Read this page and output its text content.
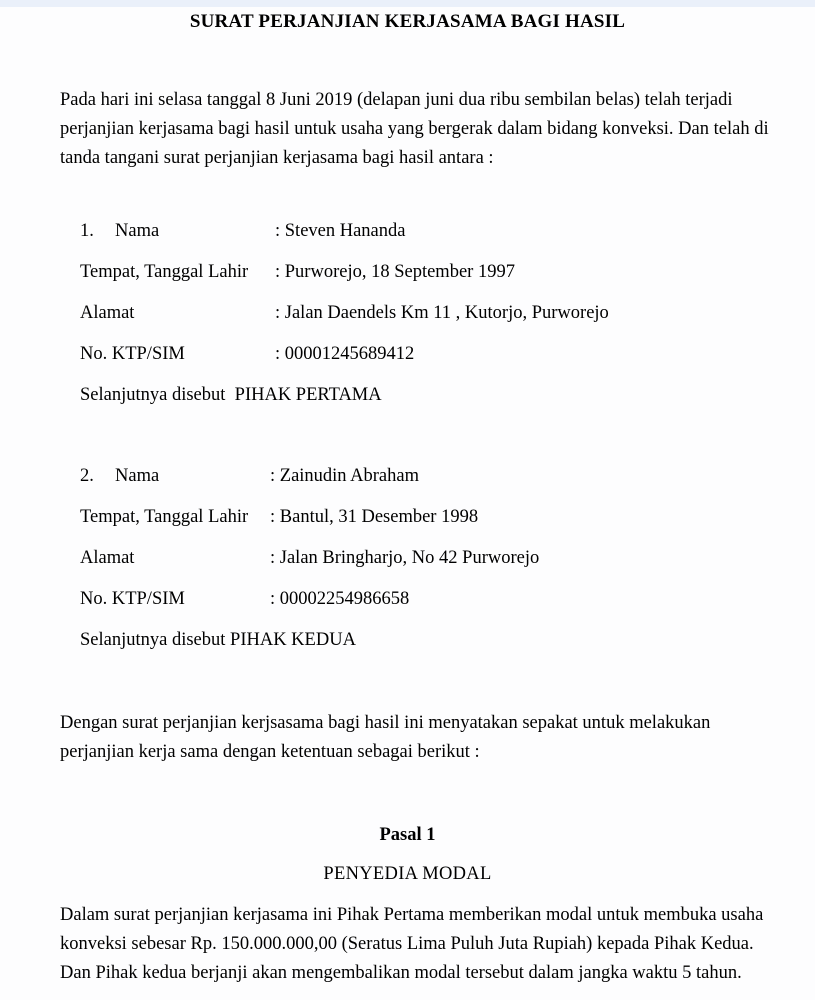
SURAT PERJANJIAN KERJASAMA BAGI HASIL
Pada hari ini selasa tanggal 8 Juni 2019 (delapan juni dua ribu sembilan belas) telah terjadi perjanjian kerjasama bagi hasil untuk usaha yang bergerak dalam bidang konveksi. Dan telah di tanda tangani surat perjanjian kerjasama bagi hasil antara :
1. Nama	: Steven Hananda
Tempat, Tanggal Lahir : Purworejo, 18 September 1997
Alamat	: Jalan Daendels Km 11 , Kutorjo, Purworejo
No. KTP/SIM	: 00001245689412

Selanjutnya disebut  PIHAK PERTAMA

2. Nama	: Zainudin Abraham
Tempat, Tanggal Lahir : Bantul, 31 Desember 1998
Alamat	: Jalan Bringharjo, No 42 Purworejo
No. KTP/SIM	: 00002254986658

Selanjutnya disebut PIHAK KEDUA

Dengan surat perjanjian kerjsasama bagi hasil ini menyatakan sepakat untuk melakukan perjanjian kerja sama dengan ketentuan sebagai berikut :
Pasal 1
PENYEDIA MODAL
Dalam surat perjanjian kerjasama ini Pihak Pertama memberikan modal untuk membuka usaha konveksi sebesar Rp. 150.000.000,00 (Seratus Lima Puluh Juta Rupiah) kepada Pihak Kedua. Dan Pihak kedua berjanji akan mengembalikan modal tersebut dalam jangka waktu 5 tahun.
